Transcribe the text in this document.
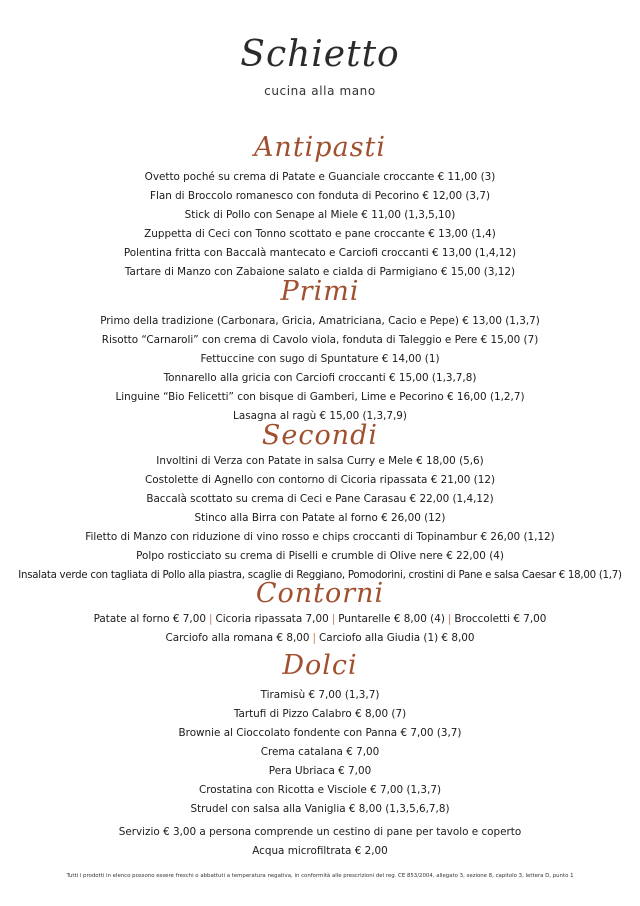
Schietto
cucina alla mano
Antipasti
Ovetto poché su crema di Patate e Guanciale croccante € 11,00 (3)
Flan di Broccolo romanesco con fonduta di Pecorino € 12,00 (3,7)
Stick di Pollo con Senape al Miele € 11,00 (1,3,5,10)
Zuppetta di Ceci con Tonno scottato e pane croccante € 13,00 (1,4)
Polentina fritta con Baccalà mantecato e Carciofi croccanti € 13,00 (1,4,12)
Tartare di Manzo con Zabaione salato e cialda di Parmigiano € 15,00 (3,12)
Primi
Primo della tradizione (Carbonara, Gricia, Amatriciana, Cacio e Pepe) € 13,00 (1,3,7)
Risotto “Carnaroli” con crema di Cavolo viola, fonduta di Taleggio e Pere € 15,00 (7)
Fettuccine con sugo di Spuntature € 14,00 (1)
Tonnarello alla gricia con Carciofi croccanti € 15,00 (1,3,7,8)
Linguine “Bio Felicetti” con bisque di Gamberi, Lime e Pecorino € 16,00 (1,2,7)
Lasagna al ragù € 15,00 (1,3,7,9)
Secondi
Involtini di Verza con Patate in salsa Curry e Mele € 18,00 (5,6)
Costolette di Agnello con contorno di Cicoria ripassata € 21,00 (12)
Baccalà scottato su crema di Ceci e Pane Carasau € 22,00 (1,4,12)
Stinco alla Birra con Patate al forno € 26,00 (12)
Filetto di Manzo con riduzione di vino rosso e chips croccanti di Topinambur € 26,00 (1,12)
Polpo rosticciato su crema di Piselli e crumble di Olive nere € 22,00 (4)
Insalata verde con tagliata di Pollo alla piastra, scaglie di Reggiano, Pomodorini, crostini di Pane e salsa Caesar € 18,00 (1,7)
Contorni
Patate al forno € 7,00 | Cicoria ripassata 7,00 | Puntarelle € 8,00 (4) | Broccoletti € 7,00
Carciofo alla romana € 8,00 | Carciofo alla Giudia (1) € 8,00
Dolci
Tiramisù € 7,00 (1,3,7)
Tartufi di Pizzo Calabro € 8,00 (7)
Brownie al Cioccolato fondente con Panna € 7,00 (3,7)
Crema catalana € 7,00
Pera Ubriaca € 7,00
Crostatina con Ricotta e Visciole € 7,00 (1,3,7)
Strudel con salsa alla Vaniglia € 8,00 (1,3,5,6,7,8)
Servizio € 3,00 a persona comprende un cestino di pane per tavolo e coperto
Acqua microfiltrata € 2,00
Tutti i prodotti in elenco possono essere freschi o abbattuti a temperatura negativa, in conformità alle prescrizioni del reg. CE 853/2004, allegato 3, sezione 8, capitolo 3, lettera D, punto 1
